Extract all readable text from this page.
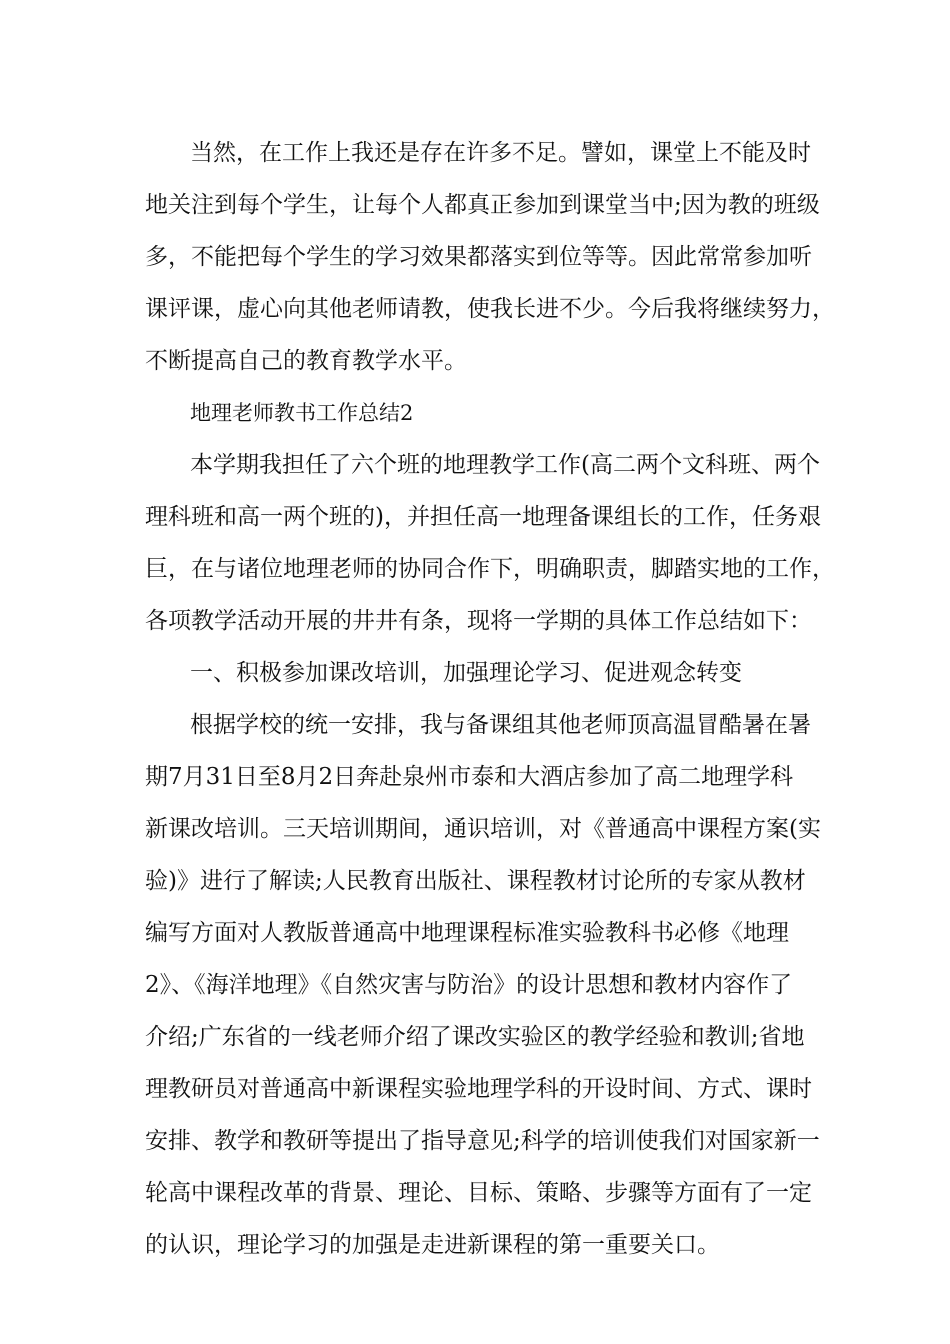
当然，在工作上我还是存在许多不足。譬如，课堂上不能及时
地关注到每个学生，让每个人都真正参加到课堂当中;因为教的班级
多，不能把每个学生的学习效果都落实到位等等。因此常常参加听
课评课，虚心向其他老师请教，使我长进不少。今后我将继续努力，
不断提高自己的教育教学水平。
地理老师教书工作总结2
本学期我担任了六个班的地理教学工作(高二两个文科班、两个
理科班和高一两个班的)，并担任高一地理备课组长的工作，任务艰
巨，在与诸位地理老师的协同合作下，明确职责，脚踏实地的工作，
各项教学活动开展的井井有条，现将一学期的具体工作总结如下：
一、积极参加课改培训，加强理论学习、促进观念转变
根据学校的统一安排，我与备课组其他老师顶高温冒酷暑在暑
期7月31日至8月2日奔赴泉州市泰和大酒店参加了高二地理学科
新课改培训。三天培训期间，通识培训，对《普通高中课程方案(实
验)》进行了解读;人民教育出版社、课程教材讨论所的专家从教材
编写方面对人教版普通高中地理课程标准实验教科书必修《地理
2》、《海洋地理》《自然灾害与防治》的设计思想和教材内容作了
介绍;广东省的一线老师介绍了课改实验区的教学经验和教训;省地
理教研员对普通高中新课程实验地理学科的开设时间、方式、课时
安排、教学和教研等提出了指导意见;科学的培训使我们对国家新一
轮高中课程改革的背景、理论、目标、策略、步骤等方面有了一定
的认识，理论学习的加强是走进新课程的第一重要关口。
